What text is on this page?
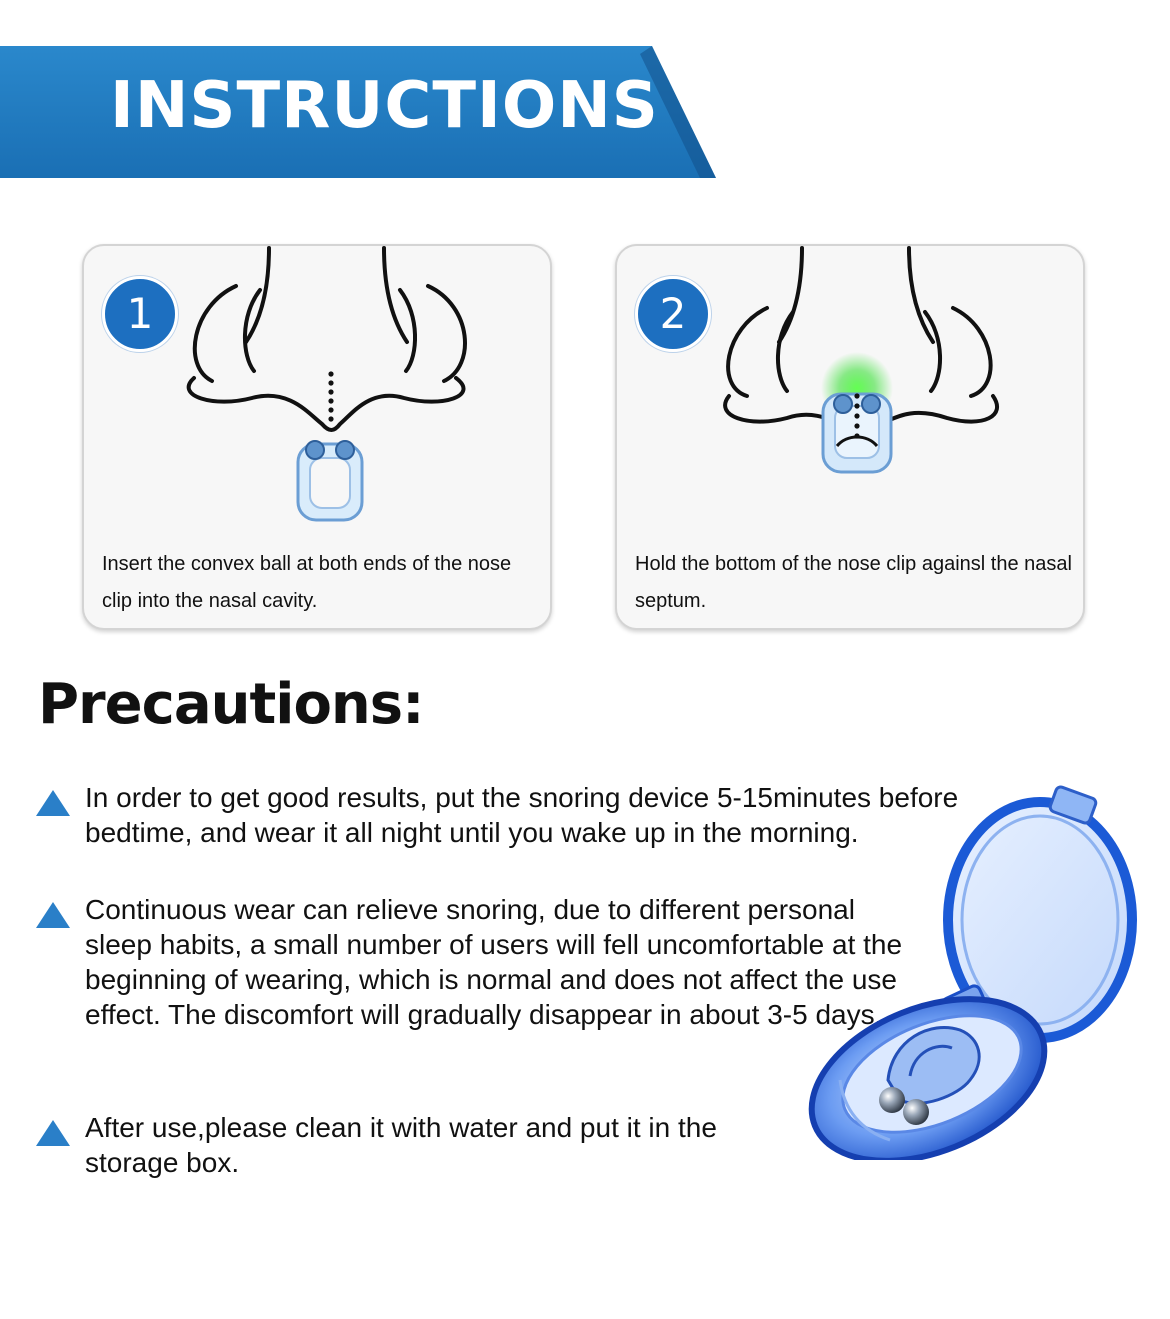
INSTRUCTIONS
1
Insert the convex ball at both ends of the nose clip into the nasal cavity.
2
Hold the bottom of the nose clip againsl the nasal septum.
Precautions:

In order to get good results, put the snoring device 5-15minutes before bedtime, and wear it all night until you wake up in the morning.

Continuous wear can relieve snoring, due to different personal sleep habits, a small number of users will fell uncomfortable at the beginning of wearing, which is normal and does not affect the use effect. The discomfort will gradually disappear in about 3-5 days.

After use,please clean it with water and put it in the storage box.
